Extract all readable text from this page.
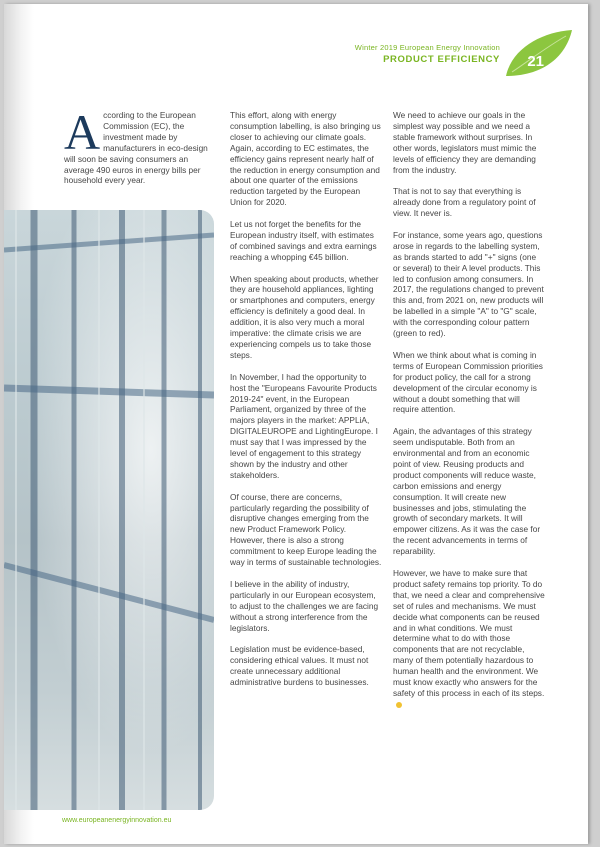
Winter 2019 European Energy Innovation
PRODUCT EFFICIENCY 21
A ccording to the European Commission (EC), the investment made by manufacturers in eco-design will soon be saving consumers an average 490 euros in energy bills per household every year.

This effort, along with energy consumption labelling, is also bringing us closer to achieving our climate goals. Again, according to EC estimates, the efficiency gains represent nearly half of the reduction in energy consumption and about one quarter of the emissions reduction targeted by the European Union for 2020.

Let us not forget the benefits for the European industry itself, with estimates of combined savings and extra earnings reaching a whopping €45 billion.

When speaking about products, whether they are household appliances, lighting or smartphones and computers, energy efficiency is definitely a good deal. In addition, it is also very much a moral imperative: the climate crisis we are experiencing compels us to take those steps.

In November, I had the opportunity to host the "Europeans Favourite Products 2019-24" event, in the European Parliament, organized by three of the majors players in the market: APPLiA, DIGITALEUROPE and LightingEurope. I must say that I was impressed by the level of engagement to this strategy shown by the industry and other stakeholders.

Of course, there are concerns, particularly regarding the possibility of disruptive changes emerging from the new Product Framework Policy. However, there is also a strong commitment to keep Europe leading the way in terms of sustainable technologies.

I believe in the ability of industry, particularly in our European ecosystem, to adjust to the challenges we are facing without a strong interference from the legislators.

Legislation must be evidence-based, considering ethical values. It must not create unnecessary additional administrative burdens to businesses.

We need to achieve our goals in the simplest way possible and we need a stable framework without surprises. In other words, legislators must mimic the levels of efficiency they are demanding from the industry.

That is not to say that everything is already done from a regulatory point of view. It never is.

For instance, some years ago, questions arose in regards to the labelling system, as brands started to add "+" signs (one or several) to their A level products. This led to confusion among consumers. In 2017, the regulations changed to prevent this and, from 2021 on, new products will be labelled in a simple "A" to "G" scale, with the corresponding colour pattern (green to red).

When we think about what is coming in terms of European Commission priorities for product policy, the call for a strong development of the circular economy is without a doubt something that will require attention.

Again, the advantages of this strategy seem undisputable. Both from an environmental and from an economic point of view. Reusing products and product components will reduce waste, carbon emissions and energy consumption. It will create new businesses and jobs, stimulating the growth of secondary markets. It will empower citizens. As it was the case for the recent advancements in terms of reparability.

However, we have to make sure that product safety remains top priority. To do that, we need a clear and comprehensive set of rules and mechanisms. We must decide what components can be reused and in what conditions. We must determine what to do with those components that are not recyclable, many of them potentially hazardous to human health and the environment. We must know exactly who answers for the safety of this process in each of its steps.

www.europeanenergyinnovation.eu
